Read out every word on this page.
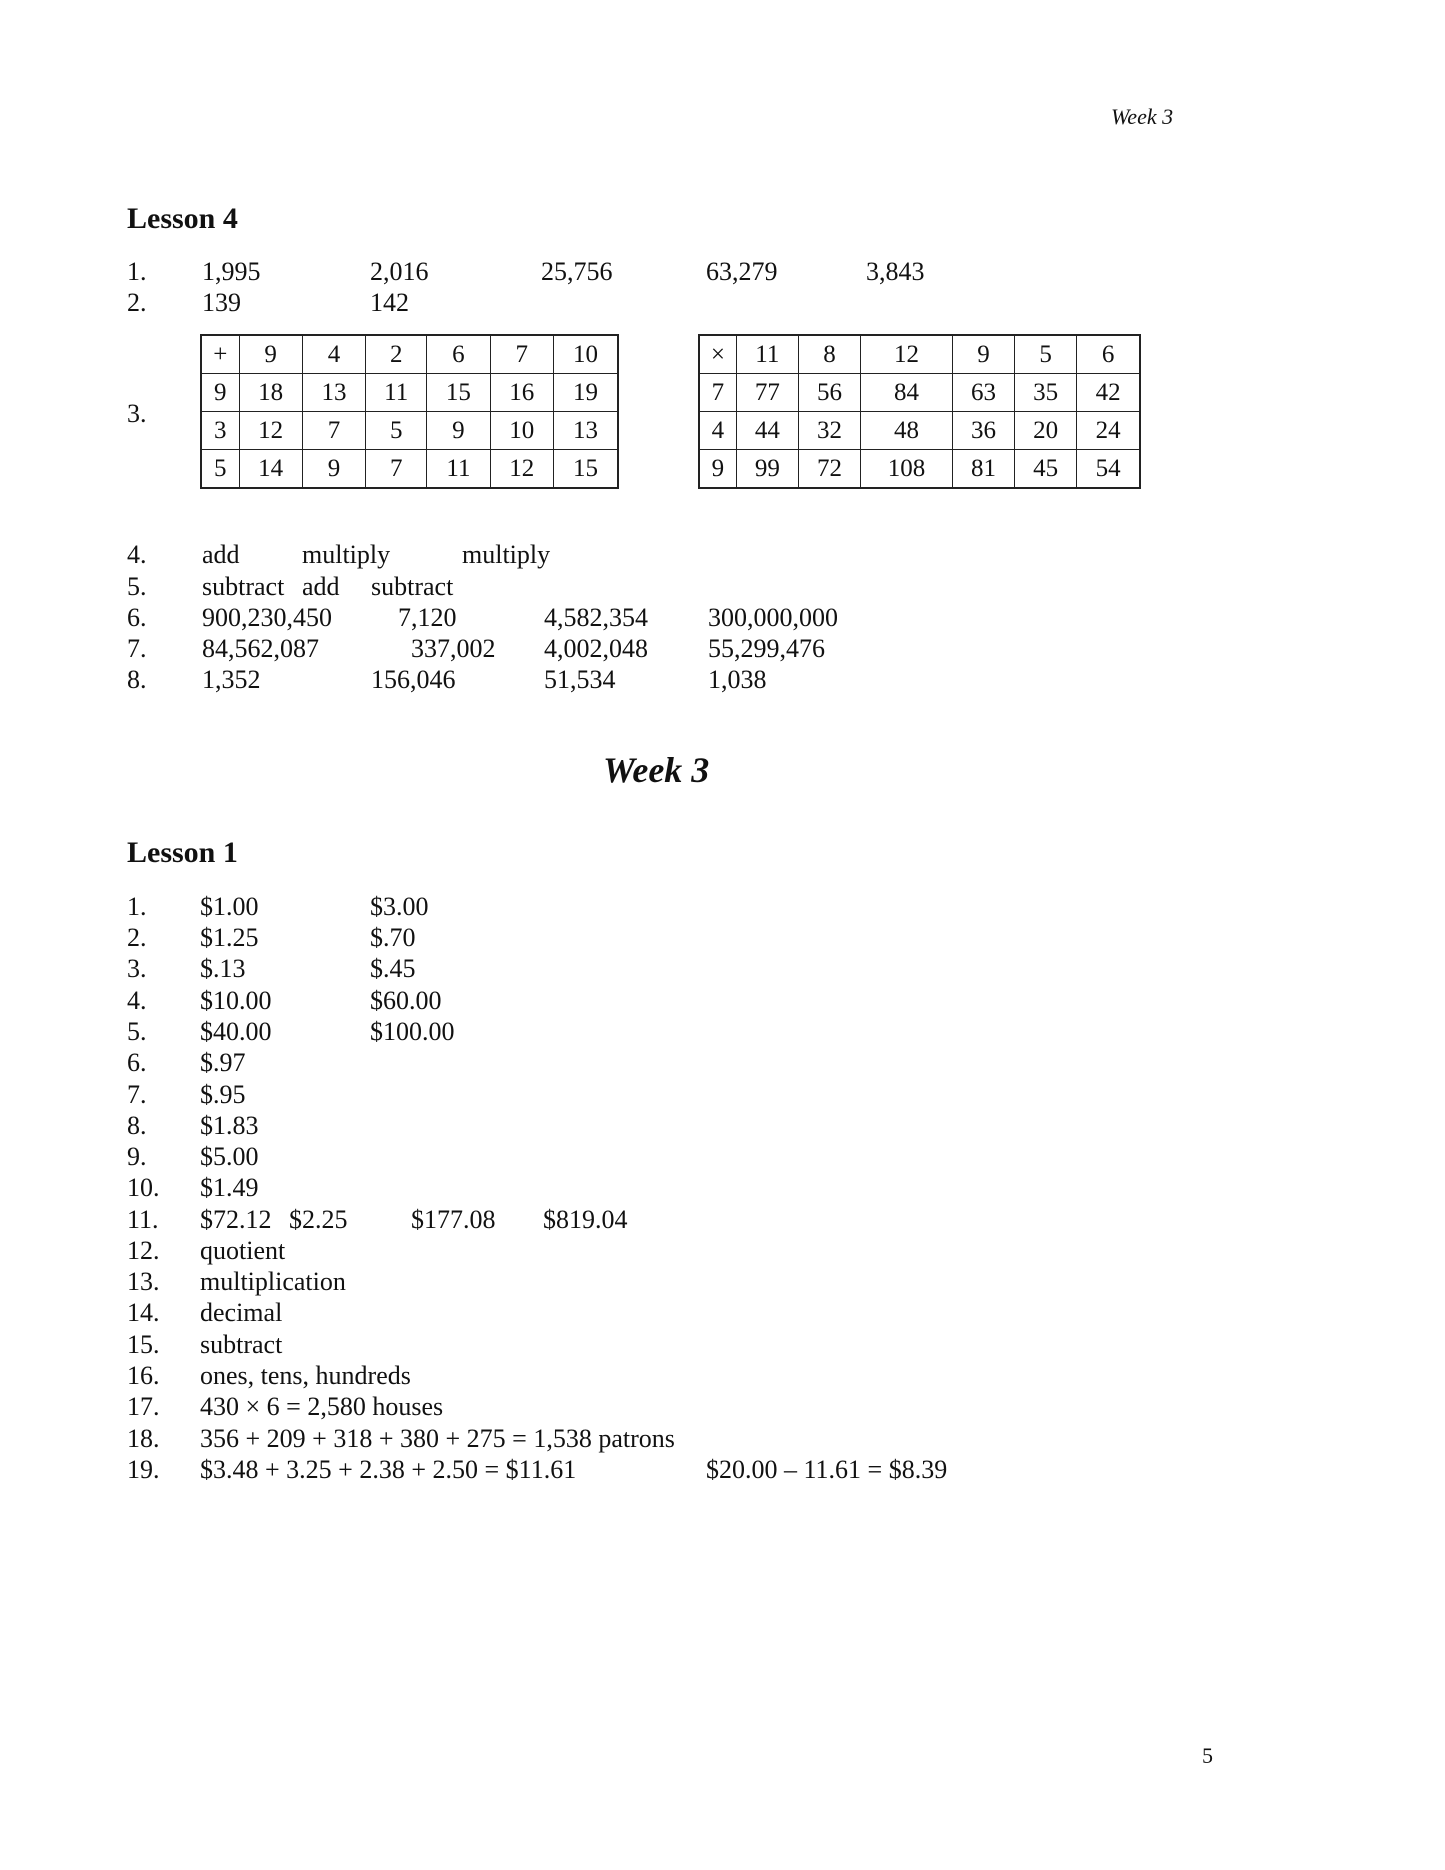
Week 3
Lesson 4
1. 1,995	2,016	25,756	63,279	3,843
2. 139	142
3.
+	9	4	2	6	7	10
9	18	13	11	15	16	19
3	12	7	5	9	10	13
5	14	9	7	11	12	15
×	11	8	12	9	5	6
7	77	56	84	63	35	42
4	44	32	48	36	20	24
9	99	72	108	81	45	54
4. add multiply	multiply
5. subtract add subtract
6. 900,230,450	7,120	4,582,354 300,000,000
7. 84,562,087	337,002 4,002,048 55,299,476
8. 1,352	156,046	51,534	1,038
Week 3
Lesson 1
1. $1.00	$3.00
2. $1.25	$.70
3. $.13	$.45
4. $10.00	$60.00
5. $40.00	$100.00
6. $.97
7. $.95
8. $1.83
9. $5.00
10. $1.49
11. $72.12 $2.25 $177.08 $819.04
12. quotient
13. multiplication
14. decimal
15. subtract
16. ones, tens, hundreds
17. 430 × 6 = 2,580 houses
18. 356 + 209 + 318 + 380 + 275 = 1,538 patrons
19. $3.48 + 3.25 + 2.38 + 2.50 = $11.61	$20.00 – 11.61 = $8.39
5
